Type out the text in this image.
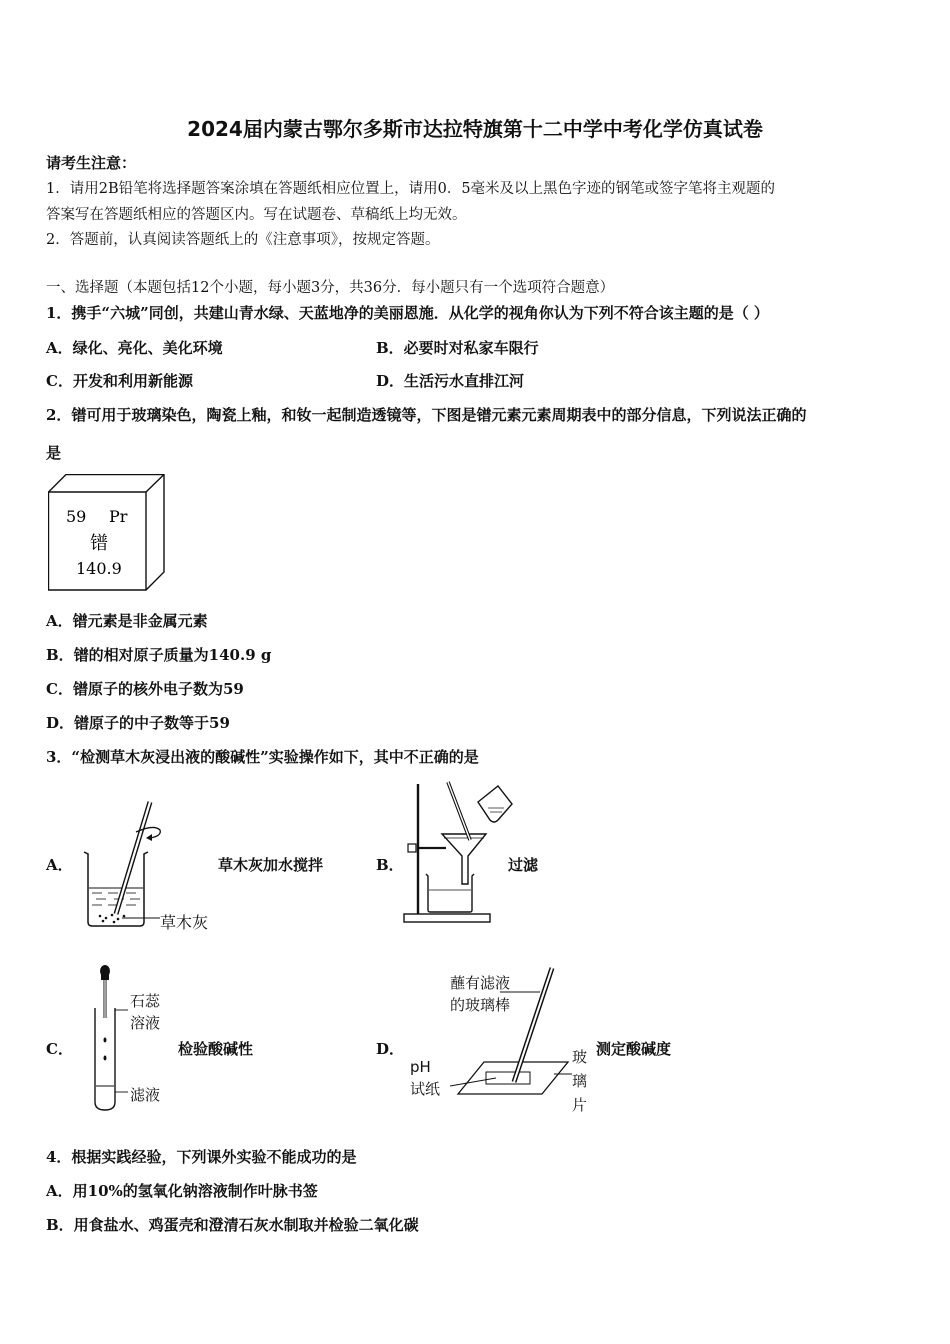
2024届内蒙古鄂尔多斯市达拉特旗第十二中学中考化学仿真试卷
请考生注意：
1．请用2B铅笔将选择题答案涂填在答题纸相应位置上，请用0．5毫米及以上黑色字迹的钢笔或签字笔将主观题的
答案写在答题纸相应的答题区内。写在试题卷、草稿纸上均无效。
2．答题前，认真阅读答题纸上的《注意事项》，按规定答题。
一、选择题（本题包括12个小题，每小题3分，共36分．每小题只有一个选项符合题意）
1．携手“六城”同创，共建山青水绿、天蓝地净的美丽恩施．从化学的视角你认为下列不符合该主题的是（ ）
A．绿化、亮化、美化环境	B．必要时对私家车限行
C．开发和利用新能源	D．生活污水直排江河
2．镨可用于玻璃染色，陶瓷上釉，和钕一起制造透镜等，下图是镨元素元素周期表中的部分信息，下列说法正确的
是
59 Pr
镨
140.9
A．镨元素是非金属元素
B．镨的相对原子质量为140.9 g
C．镨原子的核外电子数为59
D．镨原子的中子数等于59
3．“检测草木灰浸出液的酸碱性”实验操作如下，其中不正确的是
A．
草木灰
草木灰加水搅拌	B．	过滤
C．
石蕊
溶液
滤液
检验酸碱性	D．
蘸有滤液
的玻璃棒
pH
试纸
玻
璃
片
测定酸碱度
4．根据实践经验，下列课外实验不能成功的是
A．用10%的氢氧化钠溶液制作叶脉书签
B．用食盐水、鸡蛋壳和澄清石灰水制取并检验二氧化碳
